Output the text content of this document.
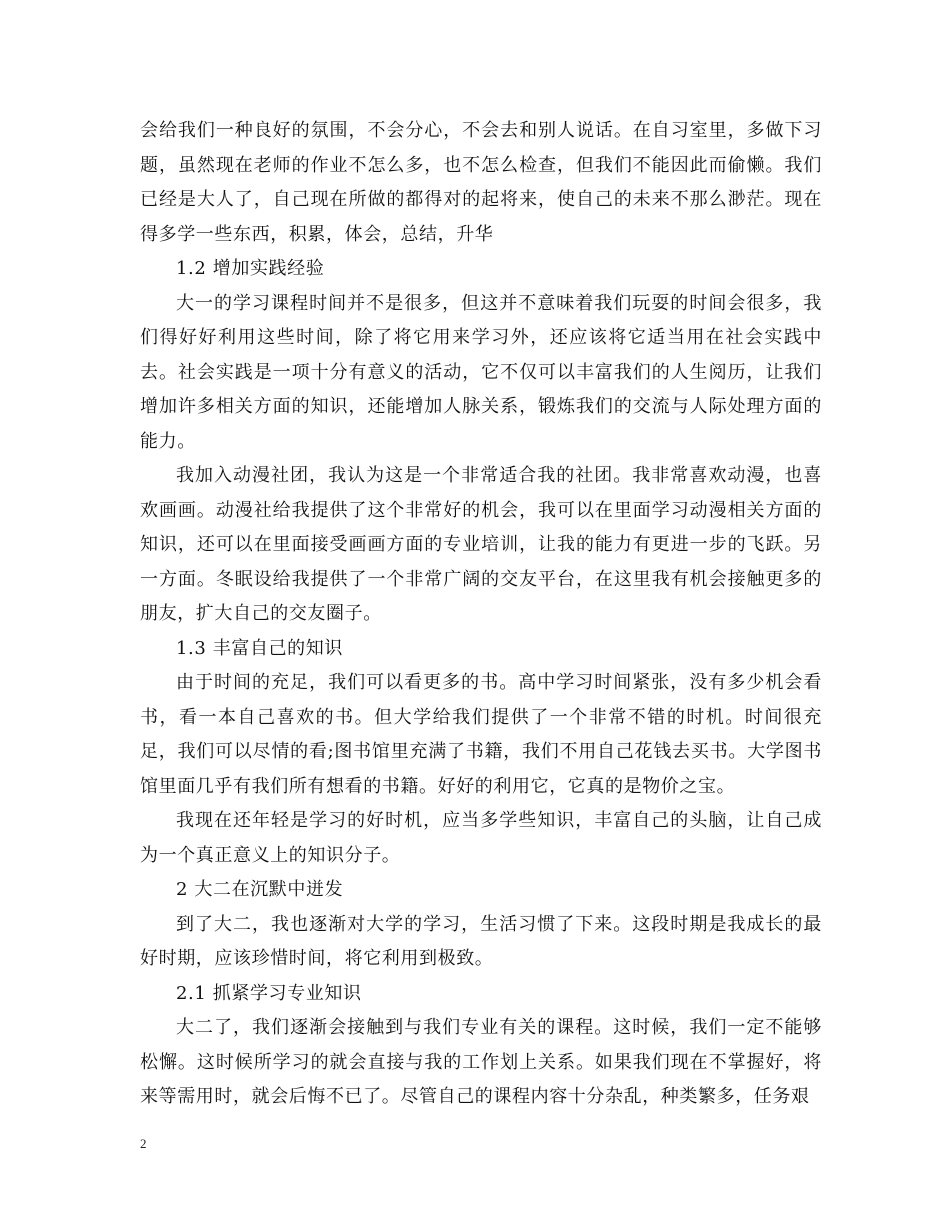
会给我们一种良好的氛围，不会分心，不会去和别人说话。在自习室里，多做下习题，虽然现在老师的作业不怎么多，也不怎么检查，但我们不能因此而偷懒。我们已经是大人了，自己现在所做的都得对的起将来，使自己的未来不那么渺茫。现在得多学一些东西，积累，体会，总结，升华

1.2 增加实践经验

大一的学习课程时间并不是很多，但这并不意味着我们玩耍的时间会很多，我们得好好利用这些时间，除了将它用来学习外，还应该将它适当用在社会实践中去。社会实践是一项十分有意义的活动，它不仅可以丰富我们的人生阅历，让我们增加许多相关方面的知识，还能增加人脉关系，锻炼我们的交流与人际处理方面的能力。

我加入动漫社团，我认为这是一个非常适合我的社团。我非常喜欢动漫，也喜欢画画。动漫社给我提供了这个非常好的机会，我可以在里面学习动漫相关方面的知识，还可以在里面接受画画方面的专业培训，让我的能力有更进一步的飞跃。另一方面。冬眠设给我提供了一个非常广阔的交友平台，在这里我有机会接触更多的朋友，扩大自己的交友圈子。

1.3 丰富自己的知识

由于时间的充足，我们可以看更多的书。高中学习时间紧张，没有多少机会看书，看一本自己喜欢的书。但大学给我们提供了一个非常不错的时机。时间很充足，我们可以尽情的看;图书馆里充满了书籍，我们不用自己花钱去买书。大学图书馆里面几乎有我们所有想看的书籍。好好的利用它，它真的是物价之宝。

我现在还年轻是学习的好时机，应当多学些知识，丰富自己的头脑，让自己成为一个真正意义上的知识分子。

2 大二在沉默中迸发

到了大二，我也逐渐对大学的学习，生活习惯了下来。这段时期是我成长的最好时期，应该珍惜时间，将它利用到极致。

2.1 抓紧学习专业知识

大二了，我们逐渐会接触到与我们专业有关的课程。这时候，我们一定不能够松懈。这时候所学习的就会直接与我的工作划上关系。如果我们现在不掌握好，将来等需用时，就会后悔不已了。尽管自己的课程内容十分杂乱，种类繁多，任务艰

2
